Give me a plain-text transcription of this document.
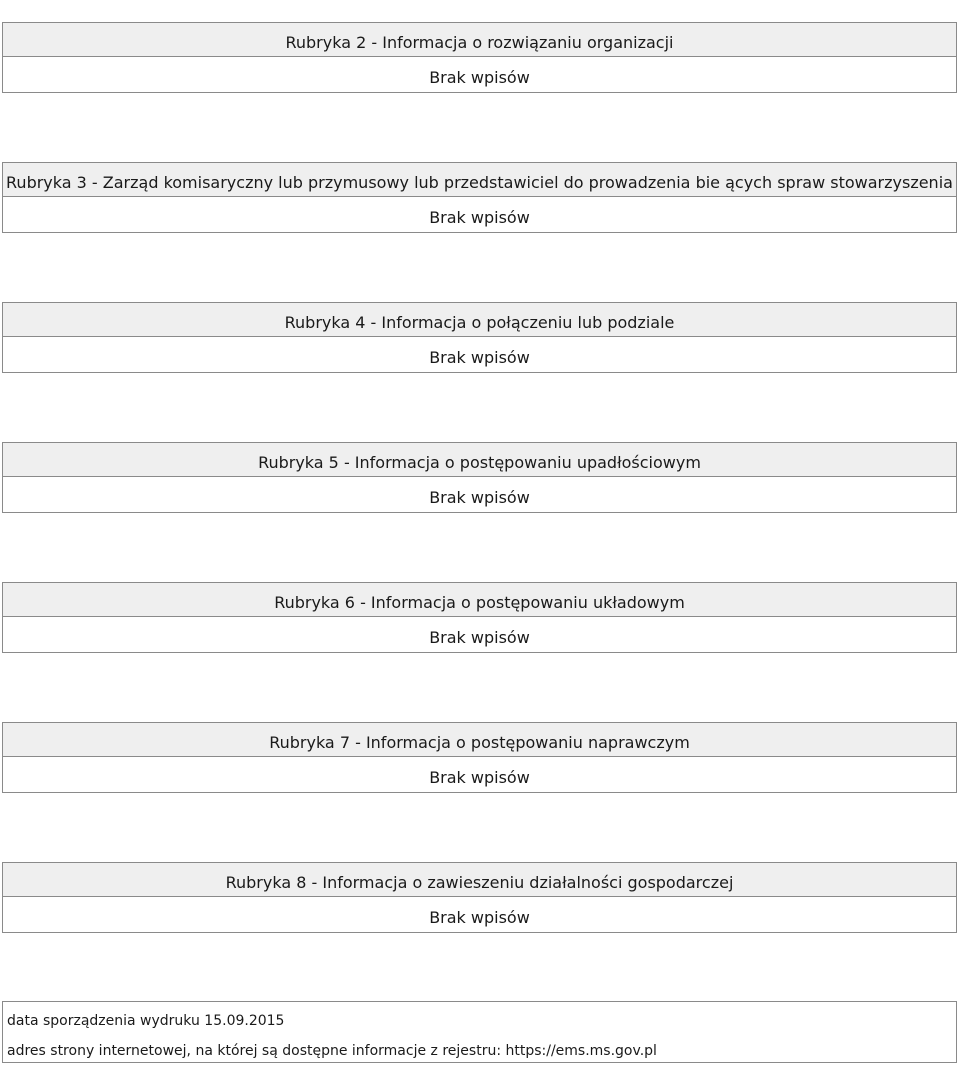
Rubryka 2 - Informacja o rozwiązaniu organizacji
Brak wpisów
Rubryka 3 - Zarząd komisaryczny lub przymusowy lub przedstawiciel do prowadzenia bie ących spraw stowarzyszenia
Brak wpisów
Rubryka 4 - Informacja o połączeniu lub podziale
Brak wpisów
Rubryka 5 - Informacja o postępowaniu upadłościowym
Brak wpisów
Rubryka 6 - Informacja o postępowaniu układowym
Brak wpisów
Rubryka 7 - Informacja o postępowaniu naprawczym
Brak wpisów
Rubryka 8 - Informacja o zawieszeniu działalności gospodarczej
Brak wpisów
data sporządzenia wydruku 15.09.2015
adres strony internetowej, na której są dostępne informacje z rejestru: https://ems.ms.gov.pl
